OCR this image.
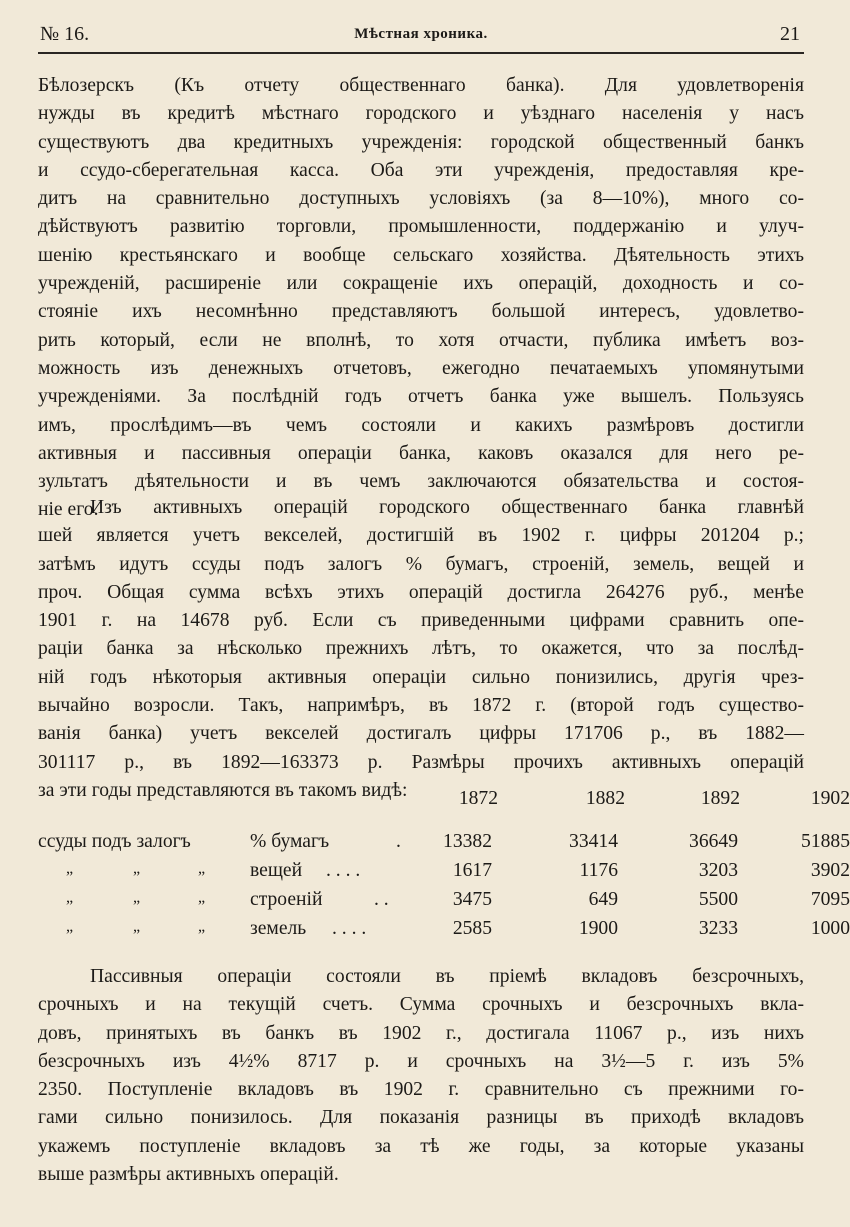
№ 16.	Мѣстная хроника.	21
Бѣлозерскъ (Къ отчету общественнаго банка). Для удовлетворенія
нужды въ кредитѣ мѣстнаго городского и уѣзднаго населенія у насъ
существуютъ два кредитныхъ учрежденія: городской общественный банкъ
и ссудо-сберегательная касса. Оба эти учрежденія, предоставляя кре-
дитъ на сравнительно доступныхъ условіяхъ (за 8—10%), много со-
дѣйствуютъ развитію торговли, промышленности, поддержанію и улуч-
шенію крестьянскаго и вообще сельскаго хозяйства. Дѣятельность этихъ
учрежденій, расширеніе или сокращеніе ихъ операцій, доходность и со-
стояніе ихъ несомнѣнно представляютъ большой интересъ, удовлетво-
рить который, если не вполнѣ, то хотя отчасти, публика имѣетъ воз-
можность изъ денежныхъ отчетовъ, ежегодно печатаемыхъ упомянутыми
учрежденіями. За послѣдній годъ отчетъ банка уже вышелъ. Пользуясь
имъ, прослѣдимъ—въ чемъ состояли и какихъ размѣровъ достигли
активныя и пассивныя операціи банка, каковъ оказался для него ре-
зультатъ дѣятельности и въ чемъ заключаются обязательства и состоя-
ніе его.
Изъ активныхъ операцій городского общественнаго банка главнѣй
шей является учетъ векселей, достигшій въ 1902 г. цифры 201204 р.;
затѣмъ идутъ ссуды подъ залогъ % бумагъ, строеній, земель, вещей и
проч. Общая сумма всѣхъ этихъ операцій достигла 264276 руб., менѣе
1901 г. на 14678 руб. Если съ приведенными цифрами сравнить опе-
раціи банка за нѣсколько прежнихъ лѣтъ, то окажется, что за послѣд-
ній годъ нѣкоторыя активныя операціи сильно понизились, другія чрез-
вычайно возросли. Такъ, напримѣръ, въ 1872 г. (второй годъ существо-
ванія банка) учетъ векселей достигалъ цифры 171706 р., въ 1882—
301117 р., въ 1892—163373 р. Размѣры прочихъ активныхъ операцій
за эти годы представляются въ такомъ видѣ:	1872	1882	1892	1902
ссуды подъ залогъ	% бумагъ	.	13382	33414	36649	51885
„	„	„ вещей . . . .	1617	1176	3203	3902
„	„	„ строеній	. .	3475	649	5500	7095
„	„	„ земель . . . .	2585	1900	3233	1000
Пассивныя операціи состояли въ пріемѣ вкладовъ безсрочныхъ,
срочныхъ и на текущій счетъ. Сумма срочныхъ и безсрочныхъ вкла-
довъ, принятыхъ въ банкъ въ 1902 г., достигала 11067 р., изъ нихъ
безсрочныхъ изъ 4½% 8717 р. и срочныхъ на 3½—5 г. изъ 5%
2350. Поступленіе вкладовъ въ 1902 г. сравнительно съ прежними го-
гами сильно понизилось. Для показанія разницы въ приходѣ вкладовъ
укажемъ поступленіе вкладовъ за тѣ же годы, за которые указаны
выше размѣры активныхъ операцій.
